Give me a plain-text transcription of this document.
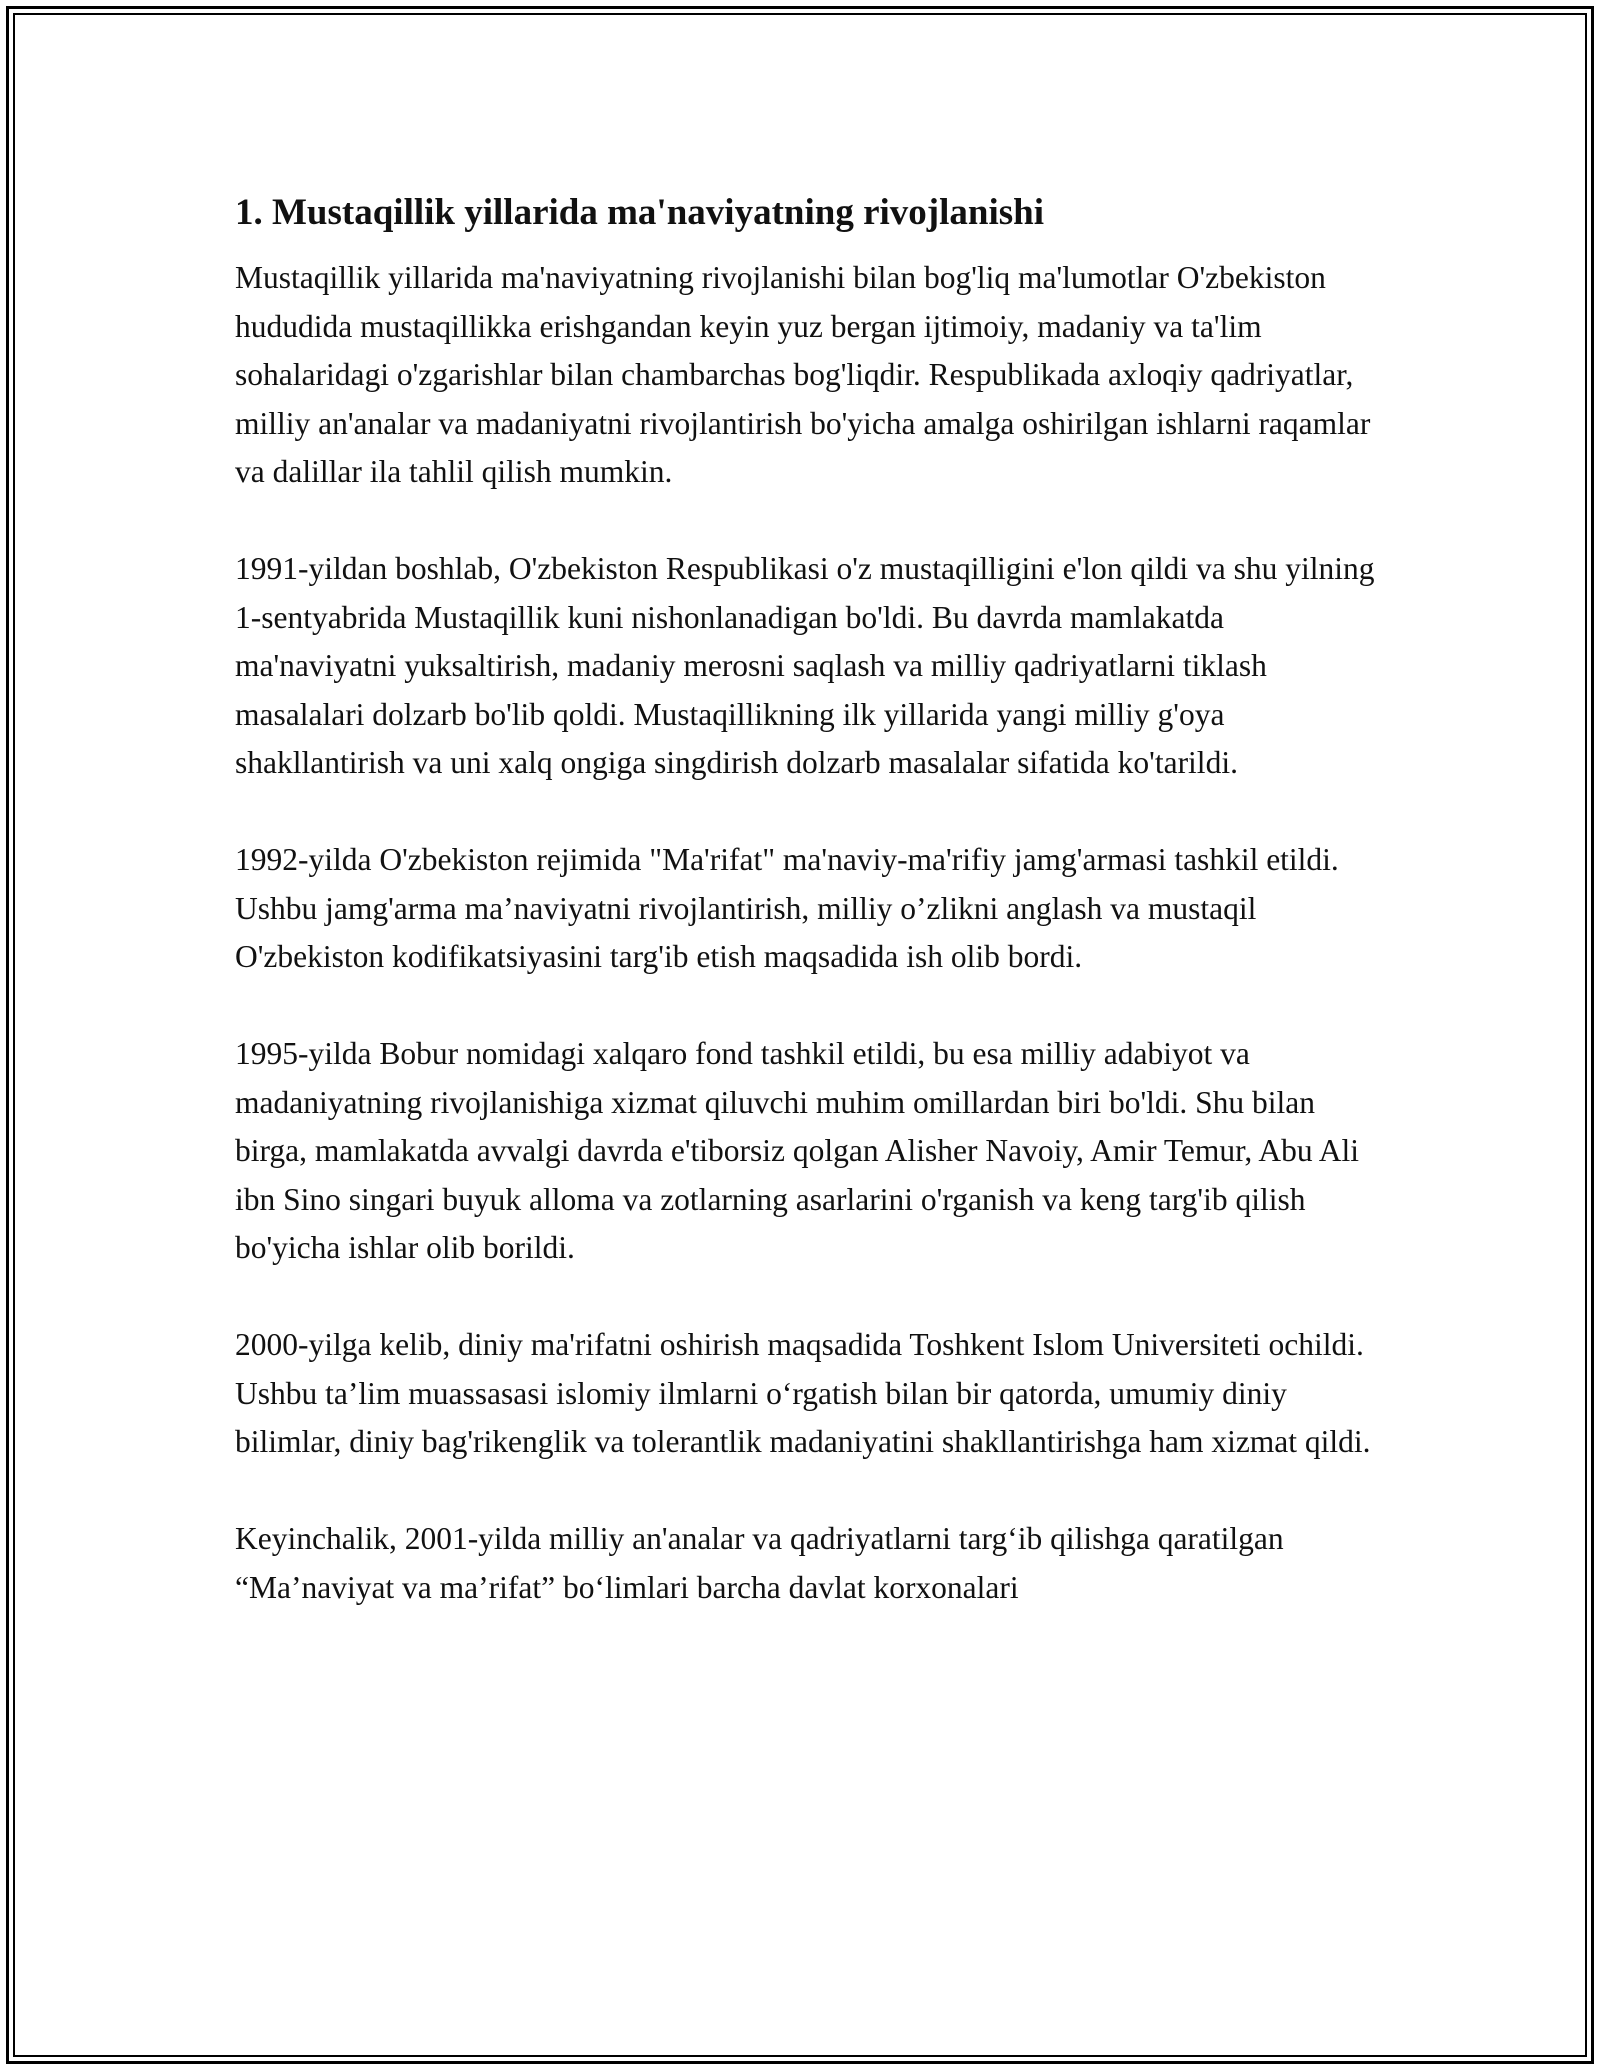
1. Mustaqillik yillarida ma'naviyatning rivojlanishi

Mustaqillik yillarida ma'naviyatning rivojlanishi bilan bog'liq ma'lumotlar O'zbekiston hududida mustaqillikka erishgandan keyin yuz bergan ijtimoiy, madaniy va ta'lim sohalaridagi o'zgarishlar bilan chambarchas bog'liqdir. Respublikada axloqiy qadriyatlar, milliy an'analar va madaniyatni rivojlantirish bo'yicha amalga oshirilgan ishlarni raqamlar va dalillar ila tahlil qilish mumkin.

1991-yildan boshlab, O'zbekiston Respublikasi o'z mustaqilligini e'lon qildi va shu yilning 1-sentyabrida Mustaqillik kuni nishonlanadigan bo'ldi. Bu davrda mamlakatda ma'naviyatni yuksaltirish, madaniy merosni saqlash va milliy qadriyatlarni tiklash masalalari dolzarb bo'lib qoldi. Mustaqillikning ilk yillarida yangi milliy g'oya shakllantirish va uni xalq ongiga singdirish dolzarb masalalar sifatida ko'tarildi.

1992-yilda O'zbekiston rejimida "Ma'rifat" ma'naviy-ma'rifiy jamg'armasi tashkil etildi. Ushbu jamg'arma ma’naviyatni rivojlantirish, milliy o’zlikni anglash va mustaqil O'zbekiston kodifikatsiyasini targ'ib etish maqsadida ish olib bordi.

1995-yilda Bobur nomidagi xalqaro fond tashkil etildi, bu esa milliy adabiyot va madaniyatning rivojlanishiga xizmat qiluvchi muhim omillardan biri bo'ldi. Shu bilan birga, mamlakatda avvalgi davrda e'tiborsiz qolgan Alisher Navoiy, Amir Temur, Abu Ali ibn Sino singari buyuk alloma va zotlarning asarlarini o'rganish va keng targ'ib qilish bo'yicha ishlar olib borildi.

2000-yilga kelib, diniy ma'rifatni oshirish maqsadida Toshkent Islom Universiteti ochildi. Ushbu ta’lim muassasasi islomiy ilmlarni o‘rgatish bilan bir qatorda, umumiy diniy bilimlar, diniy bag'rikenglik va tolerantlik madaniyatini shakllantirishga ham xizmat qildi.

Keyinchalik, 2001-yilda milliy an'analar va qadriyatlarni targ‘ib qilishga qaratilgan “Ma’naviyat va ma’rifat” bo‘limlari barcha davlat korxonalari
